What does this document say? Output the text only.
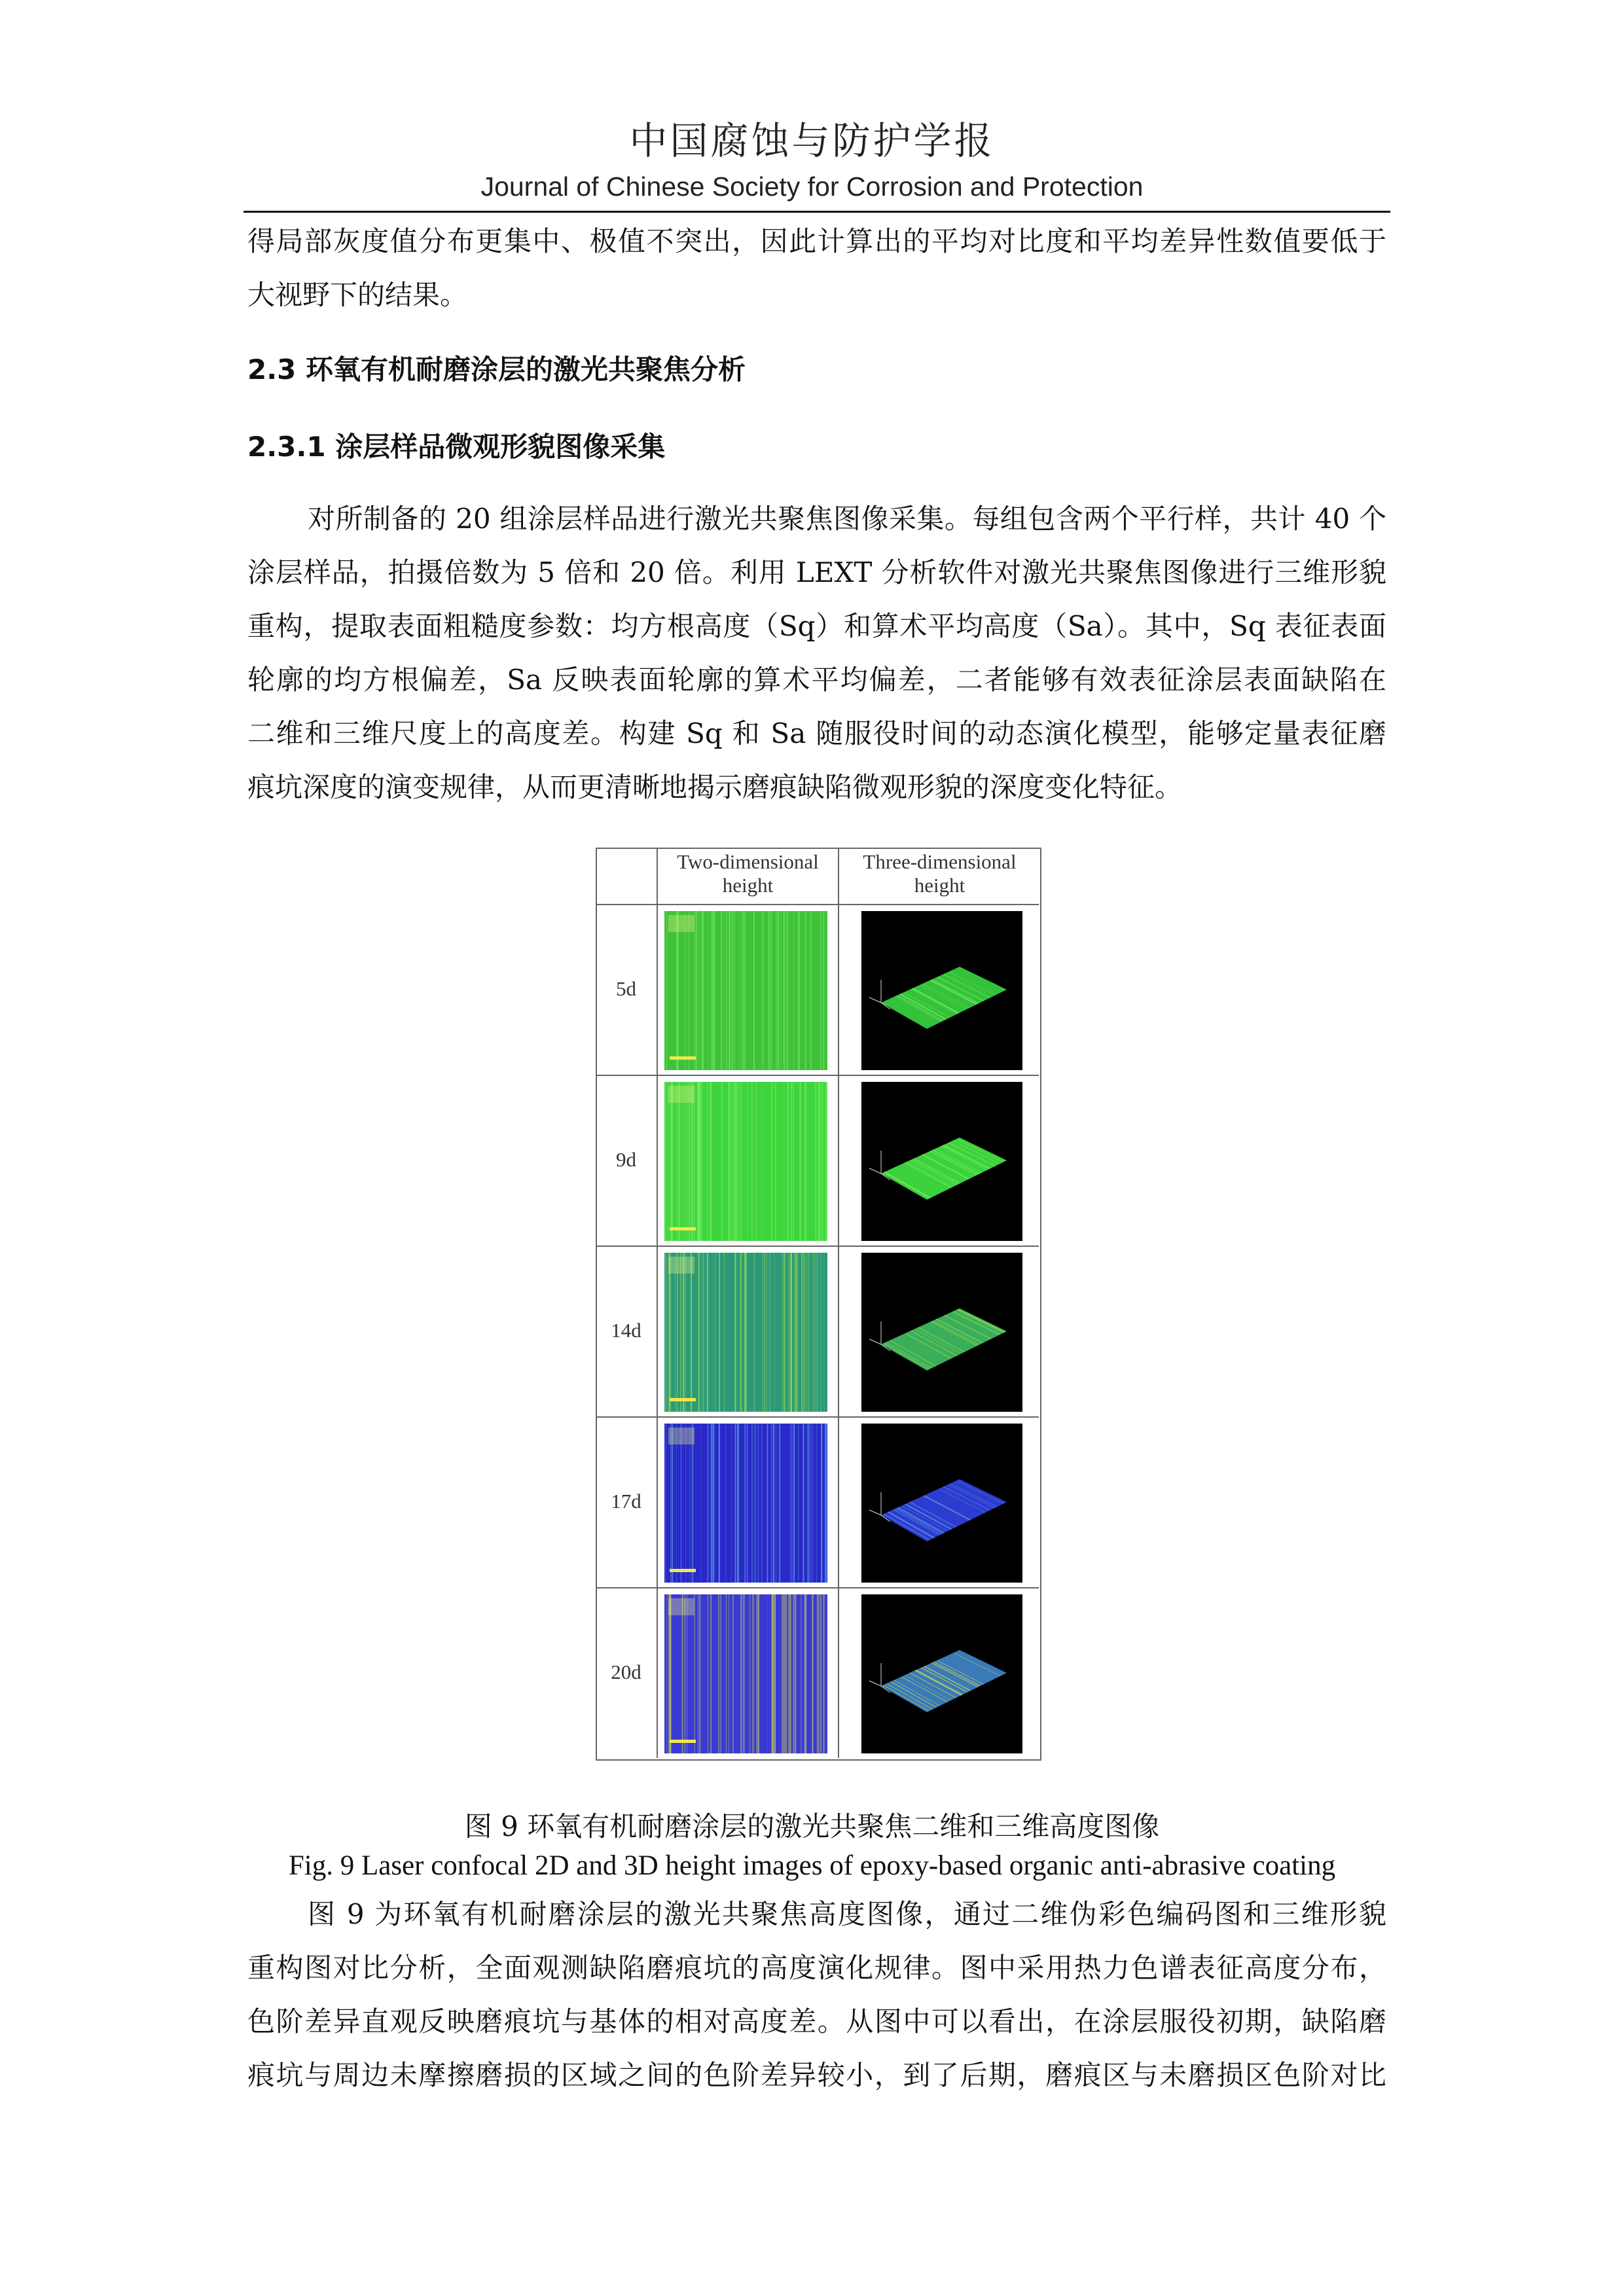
中国腐蚀与防护学报
Journal of Chinese Society for Corrosion and Protection
得局部灰度值分布更集中、极值不突出，因此计算出的平均对比度和平均差异性数值要低于
大视野下的结果。
2.3 环氧有机耐磨涂层的激光共聚焦分析
2.3.1 涂层样品微观形貌图像采集
对所制备的 20 组涂层样品进行激光共聚焦图像采集。每组包含两个平行样，共计 40 个
涂层样品，拍摄倍数为 5 倍和 20 倍。利用 LEXT 分析软件对激光共聚焦图像进行三维形貌
重构，提取表面粗糙度参数：均方根高度（Sq）和算术平均高度（Sa）。其中，Sq 表征表面
轮廓的均方根偏差，Sa 反映表面轮廓的算术平均偏差，二者能够有效表征涂层表面缺陷在
二维和三维尺度上的高度差。构建 Sq 和 Sa 随服役时间的动态演化模型，能够定量表征磨
痕坑深度的演变规律，从而更清晰地揭示磨痕缺陷微观形貌的深度变化特征。
Two-dimensional
height
Three-dimensional
height
5d
9d
14d
17d
20d
图 9 环氧有机耐磨涂层的激光共聚焦二维和三维高度图像
Fig. 9 Laser confocal 2D and 3D height images of epoxy-based organic anti-abrasive coating
图 9 为环氧有机耐磨涂层的激光共聚焦高度图像，通过二维伪彩色编码图和三维形貌
重构图对比分析，全面观测缺陷磨痕坑的高度演化规律。图中采用热力色谱表征高度分布，
色阶差异直观反映磨痕坑与基体的相对高度差。从图中可以看出，在涂层服役初期，缺陷磨
痕坑与周边未摩擦磨损的区域之间的色阶差异较小，到了后期，磨痕区与未磨损区色阶对比
